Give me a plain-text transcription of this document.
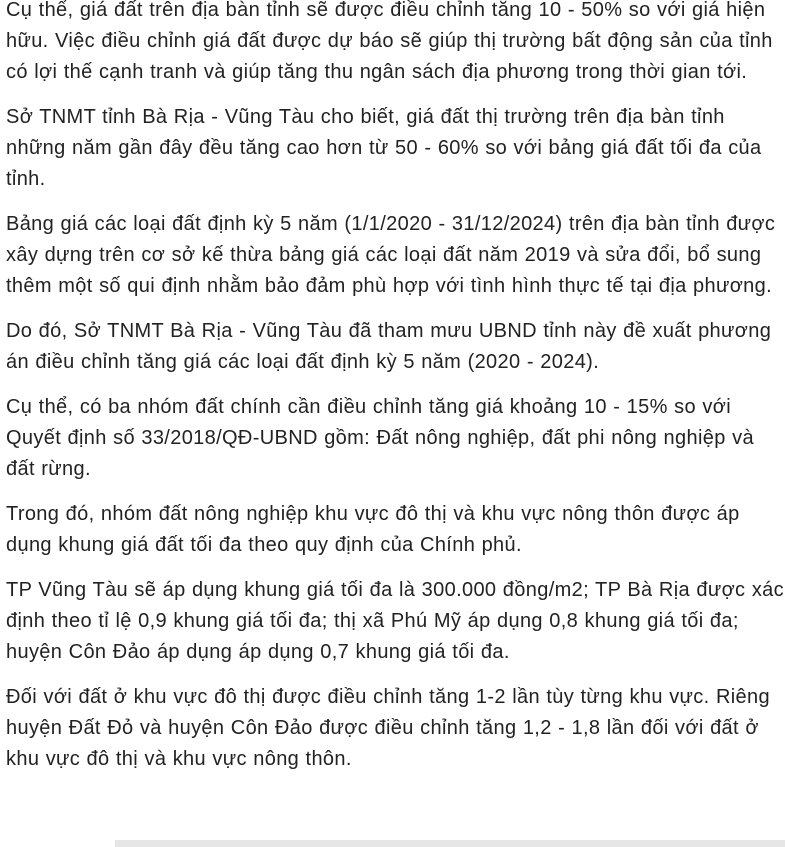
Cụ thể, giá đất trên địa bàn tỉnh sẽ được điều chỉnh tăng 10 - 50% so với giá hiện hữu. Việc điều chỉnh giá đất được dự báo sẽ giúp thị trường bất động sản của tỉnh có lợi thế cạnh tranh và giúp tăng thu ngân sách địa phương trong thời gian tới.

Sở TNMT tỉnh Bà Rịa - Vũng Tàu cho biết, giá đất thị trường trên địa bàn tỉnh những năm gần đây đều tăng cao hơn từ 50 - 60% so với bảng giá đất tối đa của tỉnh.

Bảng giá các loại đất định kỳ 5 năm (1/1/2020 - 31/12/2024) trên địa bàn tỉnh được xây dựng trên cơ sở kế thừa bảng giá các loại đất năm 2019 và sửa đổi, bổ sung thêm một số qui định nhằm bảo đảm phù hợp với tình hình thực tế tại địa phương.

Do đó, Sở TNMT Bà Rịa - Vũng Tàu đã tham mưu UBND tỉnh này đề xuất phương án điều chỉnh tăng giá các loại đất định kỳ 5 năm (2020 - 2024).

Cụ thể, có ba nhóm đất chính cần điều chỉnh tăng giá khoảng 10 - 15% so với Quyết định số 33/2018/QĐ-UBND gồm: Đất nông nghiệp, đất phi nông nghiệp và đất rừng.

Trong đó, nhóm đất nông nghiệp khu vực đô thị và khu vực nông thôn được áp dụng khung giá đất tối đa theo quy định của Chính phủ.

TP Vũng Tàu sẽ áp dụng khung giá tối đa là 300.000 đồng/m2; TP Bà Rịa được xác định theo tỉ lệ 0,9 khung giá tối đa; thị xã Phú Mỹ áp dụng 0,8 khung giá tối đa; huyện Côn Đảo áp dụng áp dụng 0,7 khung giá tối đa.

Đối với đất ở khu vực đô thị được điều chỉnh tăng 1-2 lần tùy từng khu vực. Riêng huyện Đất Đỏ và huyện Côn Đảo được điều chỉnh tăng 1,2 - 1,8 lần đối với đất ở khu vực đô thị và khu vực nông thôn.
